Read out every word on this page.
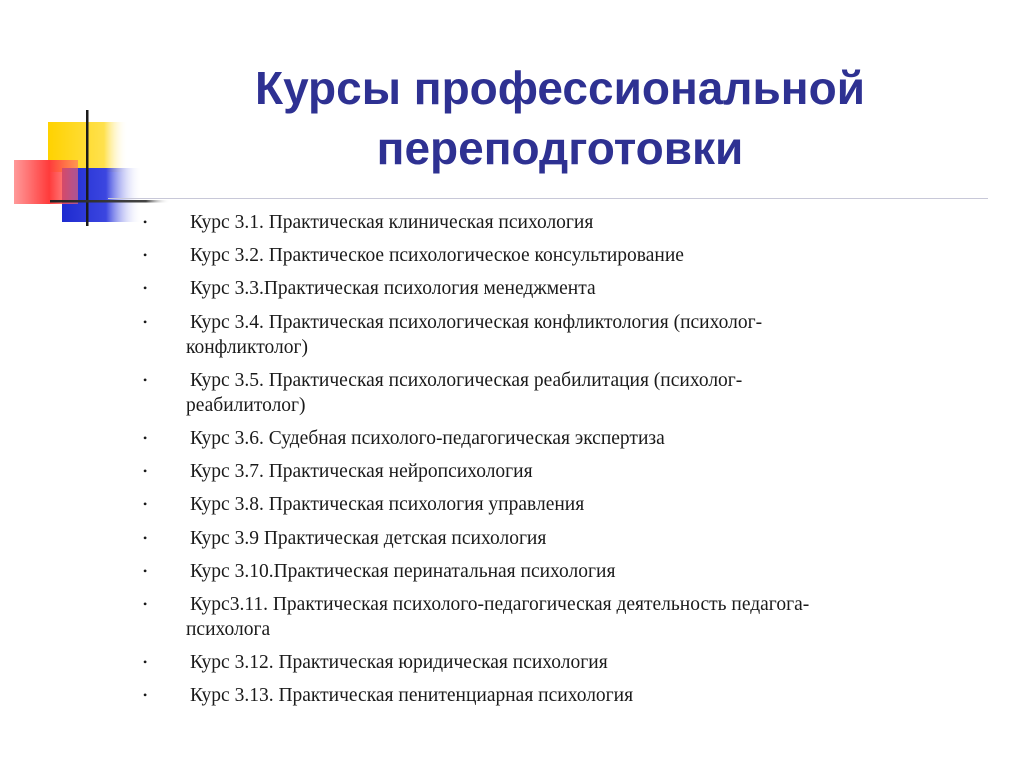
Курсы профессиональной
переподготовки
• Курс 3.1. Практическая клиническая психология
• Курс 3.2. Практическое психологическое консультирование
• Курс 3.3.Практическая психология менеджмента
• Курс 3.4. Практическая психологическая конфликтология (психолог-
конфликтолог)
• Курс 3.5. Практическая психологическая реабилитация (психолог-
реабилитолог)
• Курс 3.6. Судебная психолого-педагогическая экспертиза
• Курс 3.7. Практическая нейропсихология
• Курс 3.8. Практическая психология управления
• Курс 3.9 Практическая детская психология
• Курс 3.10.Практическая перинатальная психология
• Курс3.11. Практическая психолого-педагогическая деятельность педагога-
психолога
• Курс 3.12. Практическая юридическая психология
• Курс 3.13. Практическая пенитенциарная психология
